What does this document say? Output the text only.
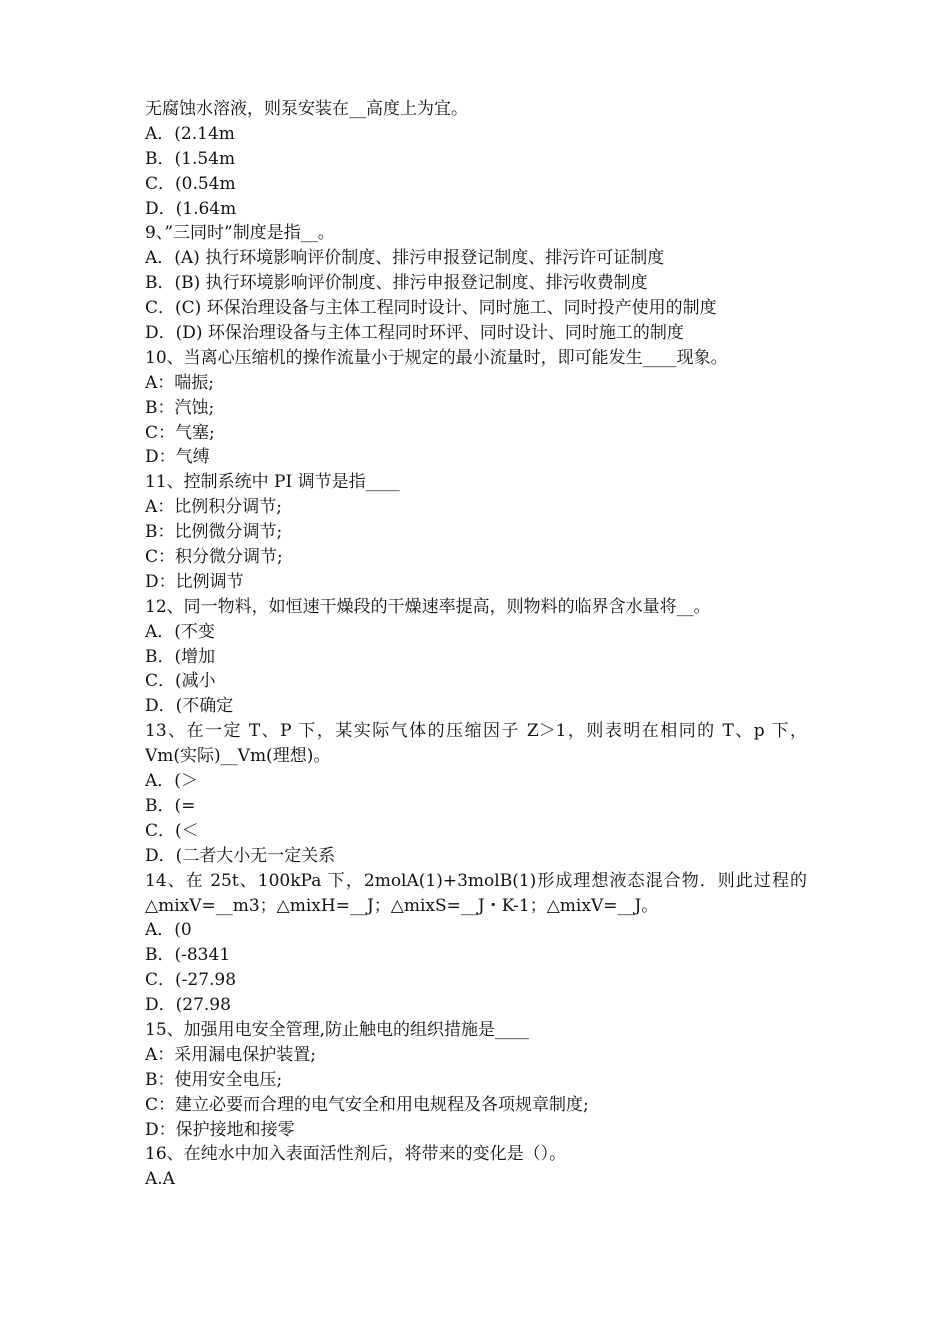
无腐蚀水溶液，则泵安装在__高度上为宜。
A．(2.14m
B．(1.54m
C．(0.54m
D．(1.64m
9、”三同时”制度是指__。
A．(A) 执行环境影响评价制度、排污申报登记制度、排污许可证制度
B．(B) 执行环境影响评价制度、排污申报登记制度、排污收费制度
C．(C) 环保治理设备与主体工程同时设计、同时施工、同时投产使用的制度
D．(D) 环保治理设备与主体工程同时环评、同时设计、同时施工的制度
10、当离心压缩机的操作流量小于规定的最小流量时，即可能发生____现象。
A：喘振;
B：汽蚀;
C：气塞;
D：气缚
11、控制系统中 PI 调节是指____
A：比例积分调节;
B：比例微分调节;
C：积分微分调节;
D：比例调节
12、同一物料，如恒速干燥段的干燥速率提高，则物料的临界含水量将__。
A．(不变
B．(增加
C．(减小
D．(不确定
13、在一定 T、P 下，某实际气体的压缩因子 Z＞1，则表明在相同的 T、p 下，
Vm(实际)__Vm(理想)。
A．(＞
B．(=
C．(＜
D．(二者大小无一定关系
14、在 25t、100kPa 下，2molA(1)+3molB(1)形成理想液态混合物．则此过程的
△mixV=__m3；△mixH=__J；△mixS=__J・K-1；△mixV=__J。
A．(0
B．(-8341
C．(-27.98
D．(27.98
15、加强用电安全管理,防止触电的组织措施是____
A：采用漏电保护装置;
B：使用安全电压;
C：建立必要而合理的电气安全和用电规程及各项规章制度;
D：保护接地和接零
16、在纯水中加入表面活性剂后，将带来的变化是（）。
A.A
